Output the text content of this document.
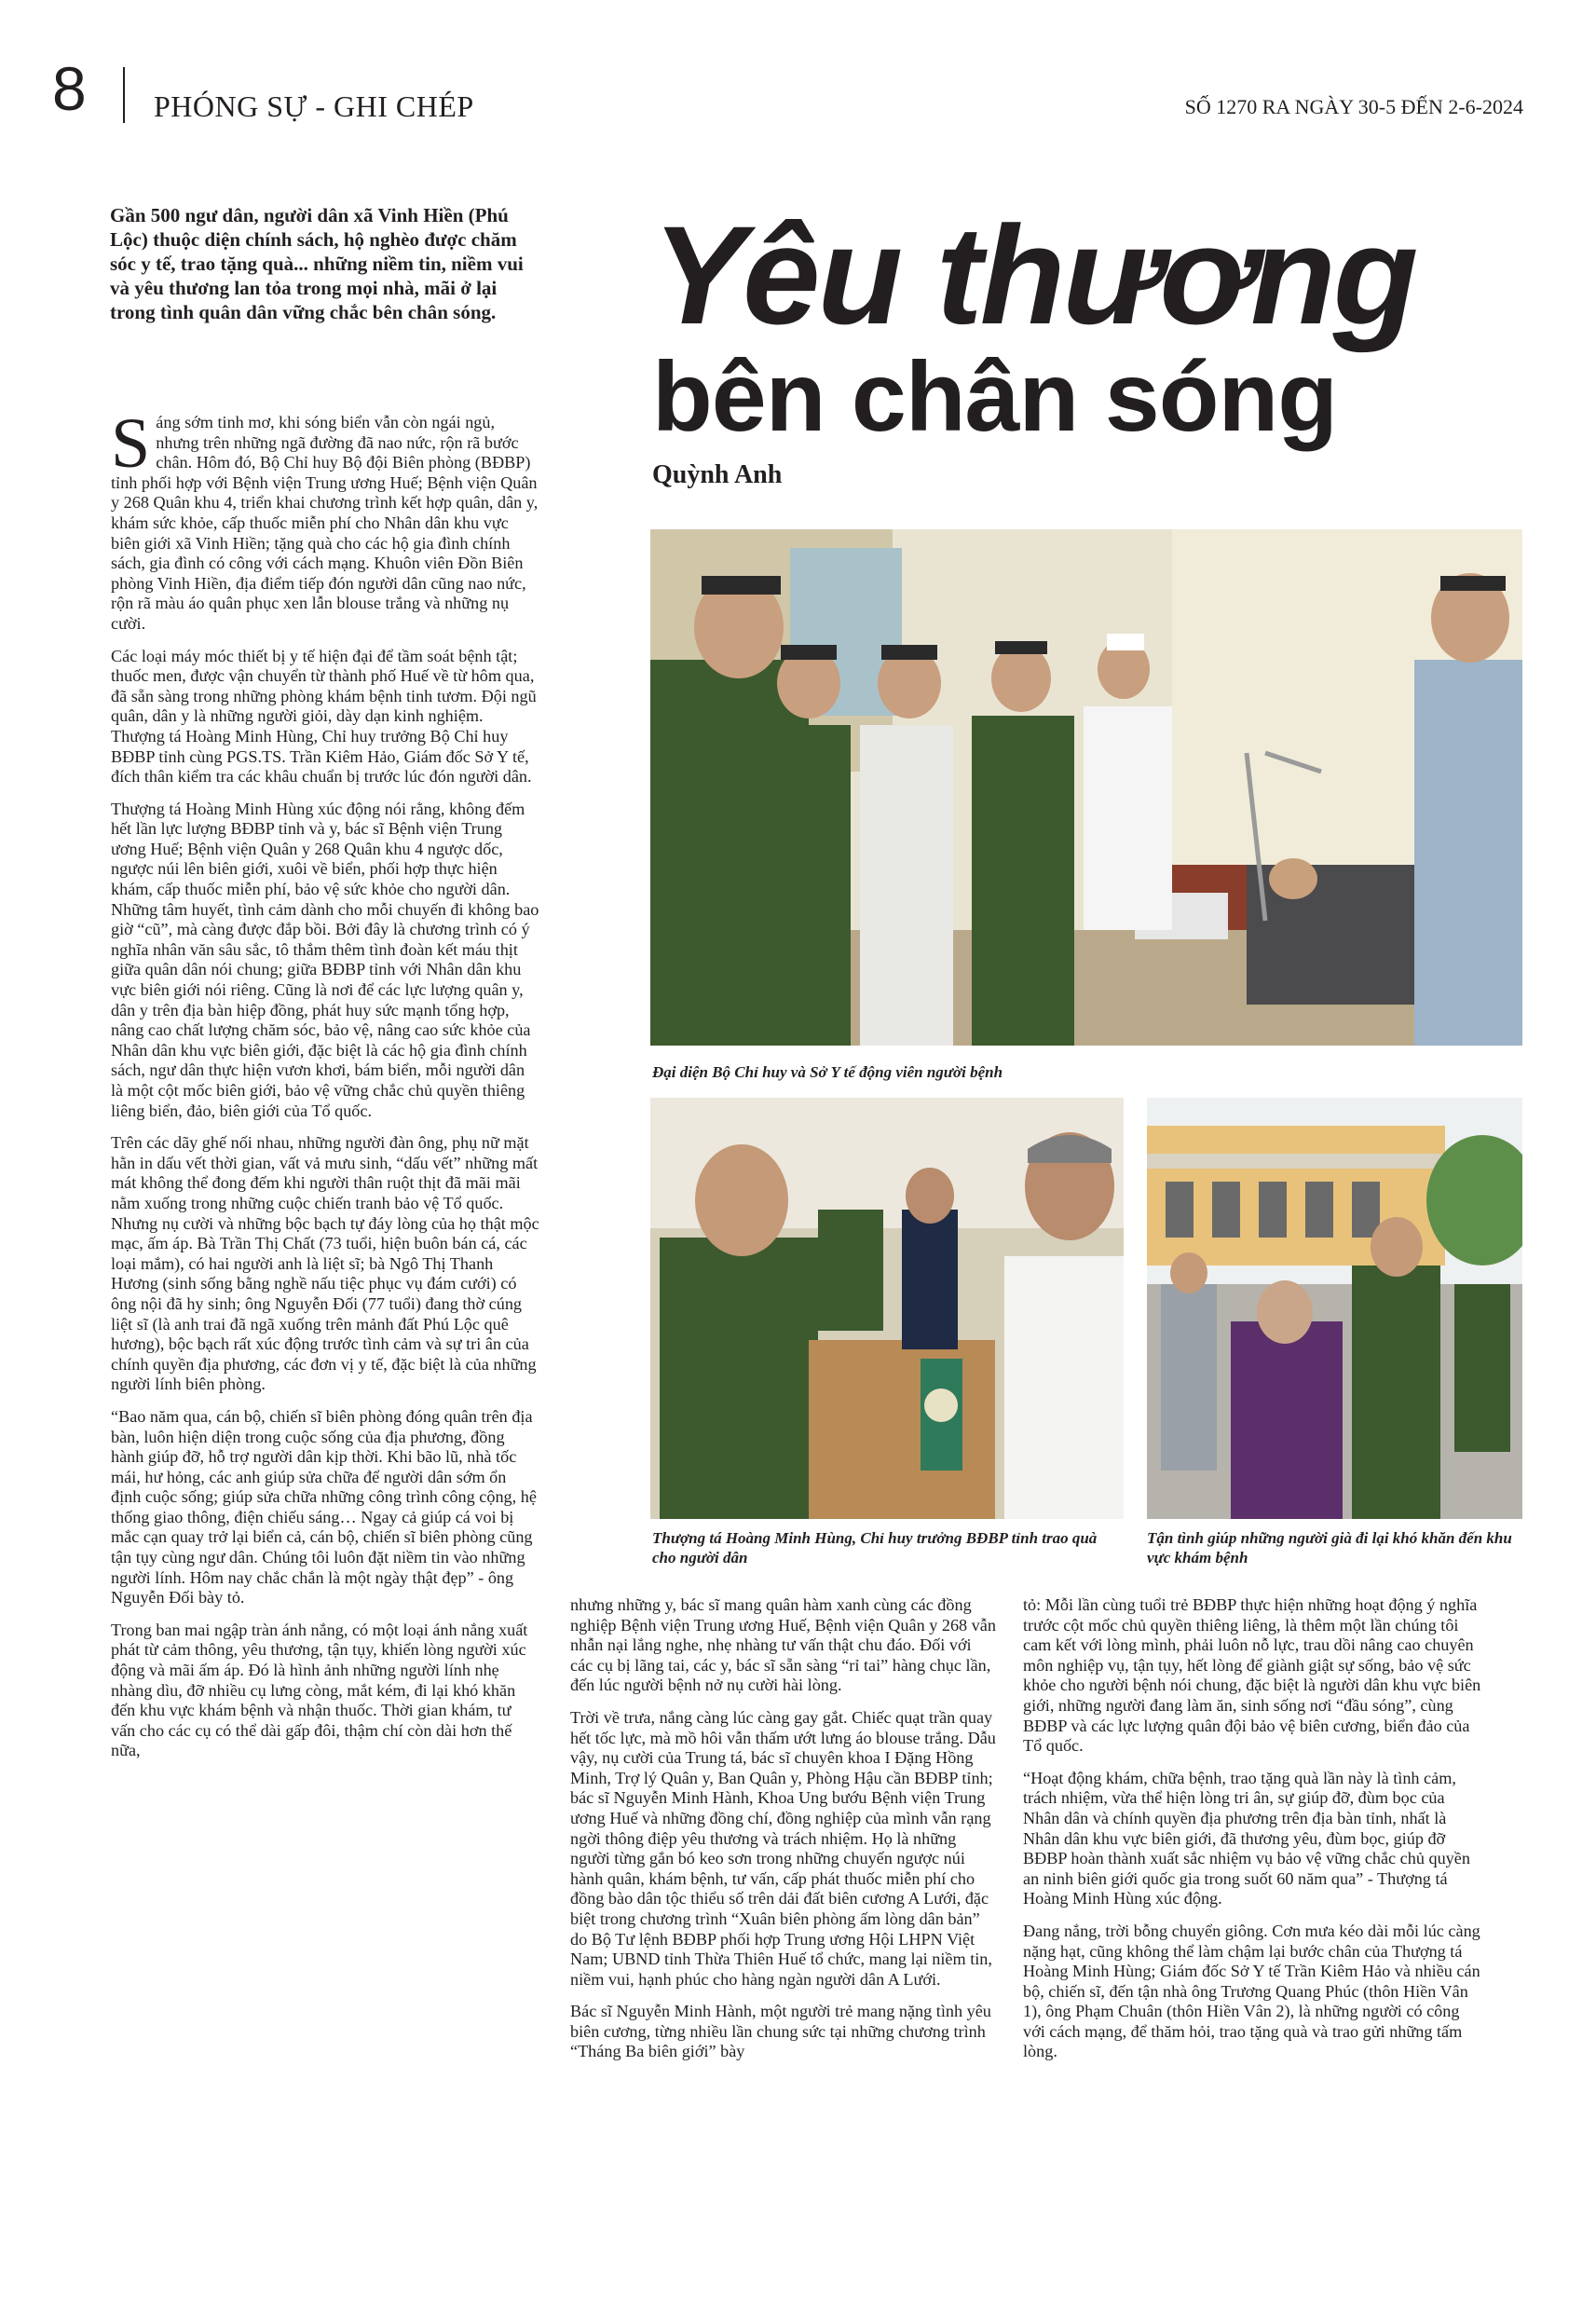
8 PHÓNG SỰ - GHI CHÉP	SỐ 1270 RA NGÀY 30-5 ĐẾN 2-6-2024
Gần 500 ngư dân, người dân xã Vinh Hiền (Phú Lộc) thuộc diện chính sách, hộ nghèo được chăm sóc y tế, trao tặng quà... những niềm tin, niềm vui và yêu thương lan tỏa trong mọi nhà, mãi ở lại trong tình quân dân vững chắc bên chân sóng.	Yêu thương
bên chân sóng
Quỳnh Anh
Đại diện Bộ Chỉ huy và Sở Y tế động viên người bệnh
Thượng tá Hoàng Minh Hùng, Chỉ huy trưởng BĐBP tỉnh trao quà cho người dân
Tận tình giúp những người già đi lại khó khăn đến khu vực khám bệnh

Sáng sớm tinh mơ, khi sóng biển vẫn còn ngái ngủ, nhưng trên những ngã đường đã nao nức, rộn rã bước chân. Hôm đó, Bộ Chỉ huy Bộ đội Biên phòng (BĐBP) tỉnh phối hợp với Bệnh viện Trung ương Huế; Bệnh viện Quân y 268 Quân khu 4, triển khai chương trình kết hợp quân, dân y, khám sức khỏe, cấp thuốc miễn phí cho Nhân dân khu vực biên giới xã Vinh Hiền; tặng quà cho các hộ gia đình chính sách, gia đình có công với cách mạng. Khuôn viên Đồn Biên phòng Vinh Hiền, địa điểm tiếp đón người dân cũng nao nức, rộn rã màu áo quân phục xen lẫn blouse trắng và những nụ cười.

Các loại máy móc thiết bị y tế hiện đại để tầm soát bệnh tật; thuốc men, được vận chuyển từ thành phố Huế về từ hôm qua, đã sẵn sàng trong những phòng khám bệnh tinh tươm. Đội ngũ quân, dân y là những người giỏi, dày dạn kinh nghiệm. Thượng tá Hoàng Minh Hùng, Chỉ huy trưởng Bộ Chỉ huy BĐBP tỉnh cùng PGS.TS. Trần Kiêm Hảo, Giám đốc Sở Y tế, đích thân kiểm tra các khâu chuẩn bị trước lúc đón người dân.

Thượng tá Hoàng Minh Hùng xúc động nói rằng, không đếm hết lần lực lượng BĐBP tỉnh và y, bác sĩ Bệnh viện Trung ương Huế; Bệnh viện Quân y 268 Quân khu 4 ngược dốc, ngược núi lên biên giới, xuôi về biển, phối hợp thực hiện khám, cấp thuốc miễn phí, bảo vệ sức khỏe cho người dân. Những tâm huyết, tình cảm dành cho mỗi chuyến đi không bao giờ “cũ”, mà càng được đắp bồi. Bởi đây là chương trình có ý nghĩa nhân văn sâu sắc, tô thắm thêm tình đoàn kết máu thịt giữa quân dân nói chung; giữa BĐBP tỉnh với Nhân dân khu vực biên giới nói riêng. Cũng là nơi để các lực lượng quân y, dân y trên địa bàn hiệp đồng, phát huy sức mạnh tổng hợp, nâng cao chất lượng chăm sóc, bảo vệ, nâng cao sức khỏe của Nhân dân khu vực biên giới, đặc biệt là các hộ gia đình chính sách, ngư dân thực hiện vươn khơi, bám biển, mỗi người dân là một cột mốc biên giới, bảo vệ vững chắc chủ quyền thiêng liêng biển, đảo, biên giới của Tổ quốc.

Trên các dãy ghế nối nhau, những người đàn ông, phụ nữ mặt hằn in dấu vết thời gian, vất vả mưu sinh, “dấu vết” những mất mát không thể đong đếm khi người thân ruột thịt đã mãi mãi nằm xuống trong những cuộc chiến tranh bảo vệ Tổ quốc. Nhưng nụ cười và những bộc bạch tự đáy lòng của họ thật mộc mạc, ấm áp. Bà Trần Thị Chất (73 tuổi, hiện buôn bán cá, các loại mắm), có hai người anh là liệt sĩ; bà Ngô Thị Thanh Hương (sinh sống bằng nghề nấu tiệc phục vụ đám cưới) có ông nội đã hy sinh; ông Nguyễn Đối (77 tuổi) đang thờ cúng liệt sĩ (là anh trai đã ngã xuống trên mảnh đất Phú Lộc quê hương), bộc bạch rất xúc động trước tình cảm và sự tri ân của chính quyền địa phương, các đơn vị y tế, đặc biệt là của những người lính biên phòng.

“Bao năm qua, cán bộ, chiến sĩ biên phòng đóng quân trên địa bàn, luôn hiện diện trong cuộc sống của địa phương, đồng hành giúp đỡ, hỗ trợ người dân kịp thời. Khi bão lũ, nhà tốc mái, hư hỏng, các anh giúp sửa chữa để người dân sớm ổn định cuộc sống; giúp sửa chữa những công trình công cộng, hệ thống giao thông, điện chiếu sáng… Ngay cả giúp cá voi bị mắc cạn quay trở lại biển cả, cán bộ, chiến sĩ biên phòng cũng tận tụy cùng ngư dân. Chúng tôi luôn đặt niềm tin vào những người lính. Hôm nay chắc chắn là một ngày thật đẹp” - ông Nguyễn Đối bày tỏ.

Trong ban mai ngập tràn ánh nắng, có một loại ánh nắng xuất phát từ cảm thông, yêu thương, tận tụy, khiến lòng người xúc động và mãi ấm áp. Đó là hình ảnh những người lính nhẹ nhàng dìu, đỡ nhiều cụ lưng còng, mắt kém, đi lại khó khăn đến khu vực khám bệnh và nhận thuốc. Thời gian khám, tư vấn cho các cụ có thể dài gấp đôi, thậm chí còn dài hơn thế nữa,

nhưng những y, bác sĩ mang quân hàm xanh cùng các đồng nghiệp Bệnh viện Trung ương Huế, Bệnh viện Quân y 268 vẫn nhẫn nại lắng nghe, nhẹ nhàng tư vấn thật chu đáo. Đối với các cụ bị lãng tai, các y, bác sĩ sẵn sàng “rỉ tai” hàng chục lần, đến lúc người bệnh nở nụ cười hài lòng.

Trời về trưa, nắng càng lúc càng gay gắt. Chiếc quạt trần quay hết tốc lực, mà mồ hôi vẫn thấm ướt lưng áo blouse trắng. Dẫu vậy, nụ cười của Trung tá, bác sĩ chuyên khoa I Đặng Hồng Minh, Trợ lý Quân y, Ban Quân y, Phòng Hậu cần BĐBP tỉnh; bác sĩ Nguyễn Minh Hành, Khoa Ung bướu Bệnh viện Trung ương Huế và những đồng chí, đồng nghiệp của mình vẫn rạng ngời thông điệp yêu thương và trách nhiệm. Họ là những người từng gắn bó keo sơn trong những chuyến ngược núi hành quân, khám bệnh, tư vấn, cấp phát thuốc miễn phí cho đồng bào dân tộc thiểu số trên dải đất biên cương A Lưới, đặc biệt trong chương trình “Xuân biên phòng ấm lòng dân bản” do Bộ Tư lệnh BĐBP phối hợp Trung ương Hội LHPN Việt Nam; UBND tỉnh Thừa Thiên Huế tổ chức, mang lại niềm tin, niềm vui, hạnh phúc cho hàng ngàn người dân A Lưới.

Bác sĩ Nguyễn Minh Hành, một người trẻ mang nặng tình yêu biên cương, từng nhiều lần chung sức tại những chương trình “Tháng Ba biên giới” bày

tỏ: Mỗi lần cùng tuổi trẻ BĐBP thực hiện những hoạt động ý nghĩa trước cột mốc chủ quyền thiêng liêng, là thêm một lần chúng tôi cam kết với lòng mình, phải luôn nỗ lực, trau dồi nâng cao chuyên môn nghiệp vụ, tận tụy, hết lòng để giành giật sự sống, bảo vệ sức khỏe cho người bệnh nói chung, đặc biệt là người dân khu vực biên giới, những người đang làm ăn, sinh sống nơi “đầu sóng”, cùng BĐBP và các lực lượng quân đội bảo vệ biên cương, biển đảo của Tổ quốc.

“Hoạt động khám, chữa bệnh, trao tặng quà lần này là tình cảm, trách nhiệm, vừa thể hiện lòng tri ân, sự giúp đỡ, đùm bọc của Nhân dân và chính quyền địa phương trên địa bàn tỉnh, nhất là Nhân dân khu vực biên giới, đã thương yêu, đùm bọc, giúp đỡ BĐBP hoàn thành xuất sắc nhiệm vụ bảo vệ vững chắc chủ quyền an ninh biên giới quốc gia trong suốt 60 năm qua” - Thượng tá Hoàng Minh Hùng xúc động.

Đang nắng, trời bỗng chuyển giông. Cơn mưa kéo dài mỗi lúc càng nặng hạt, cũng không thể làm chậm lại bước chân của Thượng tá Hoàng Minh Hùng; Giám đốc Sở Y tế Trần Kiêm Hảo và nhiều cán bộ, chiến sĩ, đến tận nhà ông Trương Quang Phúc (thôn Hiền Vân 1), ông Phạm Chuân (thôn Hiền Vân 2), là những người có công với cách mạng, để thăm hỏi, trao tặng quà và trao gửi những tấm lòng.
